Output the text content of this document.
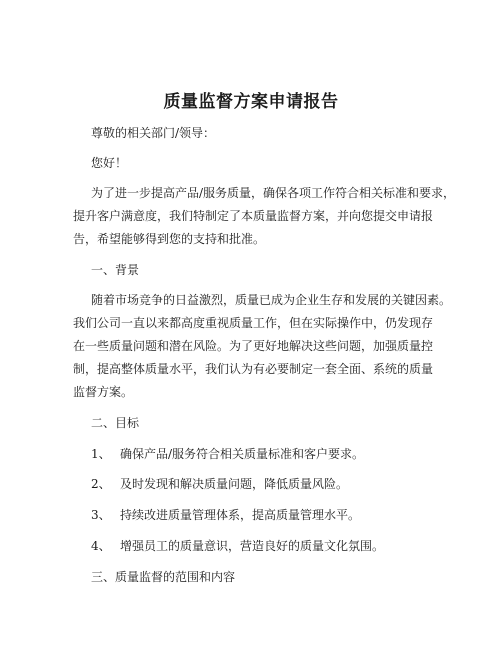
质量监督方案申请报告
尊敬的相关部门/领导：
您好！
为了进一步提高产品/服务质量，确保各项工作符合相关标准和要求，
提升客户满意度，我们特制定了本质量监督方案，并向您提交申请报
告，希望能够得到您的支持和批准。
一、背景
随着市场竞争的日益激烈，质量已成为企业生存和发展的关键因素。
我们公司一直以来都高度重视质量工作，但在实际操作中，仍发现存
在一些质量问题和潜在风险。为了更好地解决这些问题，加强质量控
制，提高整体质量水平，我们认为有必要制定一套全面、系统的质量
监督方案。
二、目标
1、 确保产品/服务符合相关质量标准和客户要求。
2、 及时发现和解决质量问题，降低质量风险。
3、 持续改进质量管理体系，提高质量管理水平。
4、 增强员工的质量意识，营造良好的质量文化氛围。
三、质量监督的范围和内容
